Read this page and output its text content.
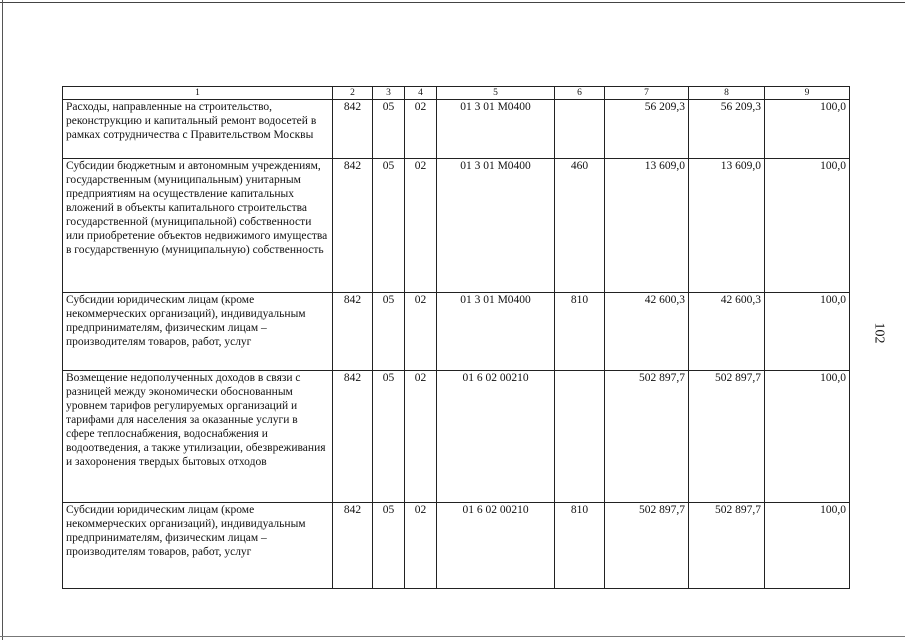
102
1	2	3	4	5	6	7	8	9
Расходы, направленные на строительство, реконструкцию и капитальный ремонт водосетей в рамках сотрудничества с Правительством Москвы	842	05	02	01 3 01 М0400		56 209,3	56 209,3	100,0
Субсидии бюджетным и автономным учреждениям, государственным (муниципальным) унитарным предприятиям на осуществление капитальных вложений в объекты капитального строительства государственной (муниципальной) собственности или приобретение объектов недвижимого имущества в государственную (муниципальную) собственность	842	05	02	01 3 01 М0400	460	13 609,0	13 609,0	100,0
Субсидии юридическим лицам (кроме некоммерческих организаций), индивидуальным предпринимателям, физическим лицам – производителям товаров, работ, услуг	842	05	02	01 3 01 М0400	810	42 600,3	42 600,3	100,0
Возмещение недополученных доходов в связи с разницей между экономически обоснованным уровнем тарифов регулируемых организаций и тарифами для населения за оказанные услуги в сфере теплоснабжения, водоснабжения и водоотведения, а также утилизации, обезвреживания и захоронения твердых бытовых отходов	842	05	02	01 6 02 00210		502 897,7	502 897,7	100,0
Субсидии юридическим лицам (кроме некоммерческих организаций), индивидуальным предпринимателям, физическим лицам – производителям товаров, работ, услуг	842	05	02	01 6 02 00210	810	502 897,7	502 897,7	100,0
